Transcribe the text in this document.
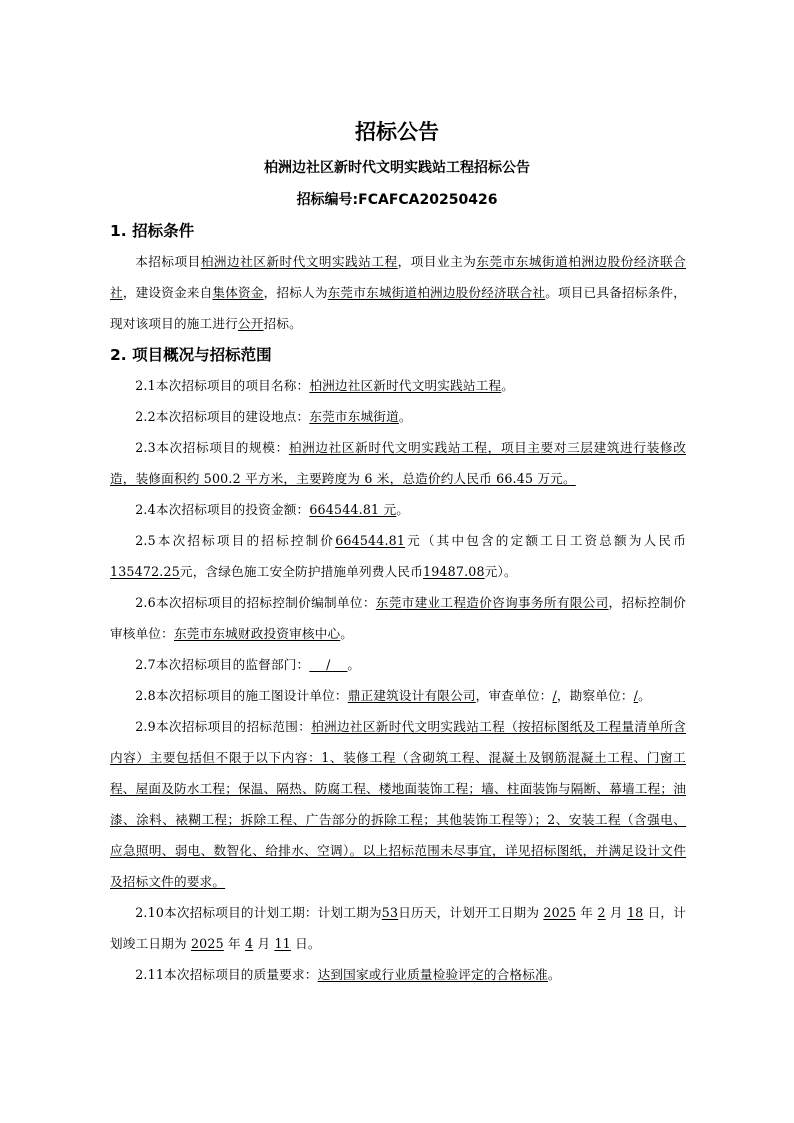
招标公告
柏洲边社区新时代文明实践站工程招标公告
招标编号:FCAFCA20250426
1. 招标条件

本招标项目柏洲边社区新时代文明实践站工程，项目业主为东莞市东城街道柏洲边股份经济联合社，建设资金来自集体资金，招标人为东莞市东城街道柏洲边股份经济联合社。项目已具备招标条件，现对该项目的施工进行公开招标。

2. 项目概况与招标范围

2.1本次招标项目的项目名称：柏洲边社区新时代文明实践站工程。

2.2本次招标项目的建设地点：东莞市东城街道。

2.3本次招标项目的规模：柏洲边社区新时代文明实践站工程，项目主要对三层建筑进行装修改造，装修面积约 500.2 平方米，主要跨度为 6 米，总造价约人民币 66.45 万元。

2.4本次招标项目的投资金额：664544.81 元。

2.5本次招标项目的招标控制价664544.81元（其中包含的定额工日工资总额为人民币135472.25元，含绿色施工安全防护措施单列费人民币19487.08元）。

2.6本次招标项目的招标控制价编制单位：东莞市建业工程造价咨询事务所有限公司，招标控制价审核单位：东莞市东城财政投资审核中心。

2.7本次招标项目的监督部门：    /    。

2.8本次招标项目的施工图设计单位：鼎正建筑设计有限公司，审查单位：/，勘察单位：/。

2.9本次招标项目的招标范围：柏洲边社区新时代文明实践站工程（按招标图纸及工程量清单所含内容）主要包括但不限于以下内容：1、装修工程（含砌筑工程、混凝土及钢筋混凝土工程、门窗工程、屋面及防水工程；保温、隔热、防腐工程、楼地面装饰工程；墙、柱面装饰与隔断、幕墙工程；油漆、涂料、裱糊工程；拆除工程、广告部分的拆除工程；其他装饰工程等）；2、安装工程（含强电、应急照明、弱电、数智化、给排水、空调）。以上招标范围未尽事宜，详见招标图纸，并满足设计文件及招标文件的要求。

2.10本次招标项目的计划工期：计划工期为53日历天，计划开工日期为 2025 年 2 月 18 日，计划竣工日期为 2025 年 4 月 11 日。

2.11本次招标项目的质量要求：达到国家或行业质量检验评定的合格标准。
